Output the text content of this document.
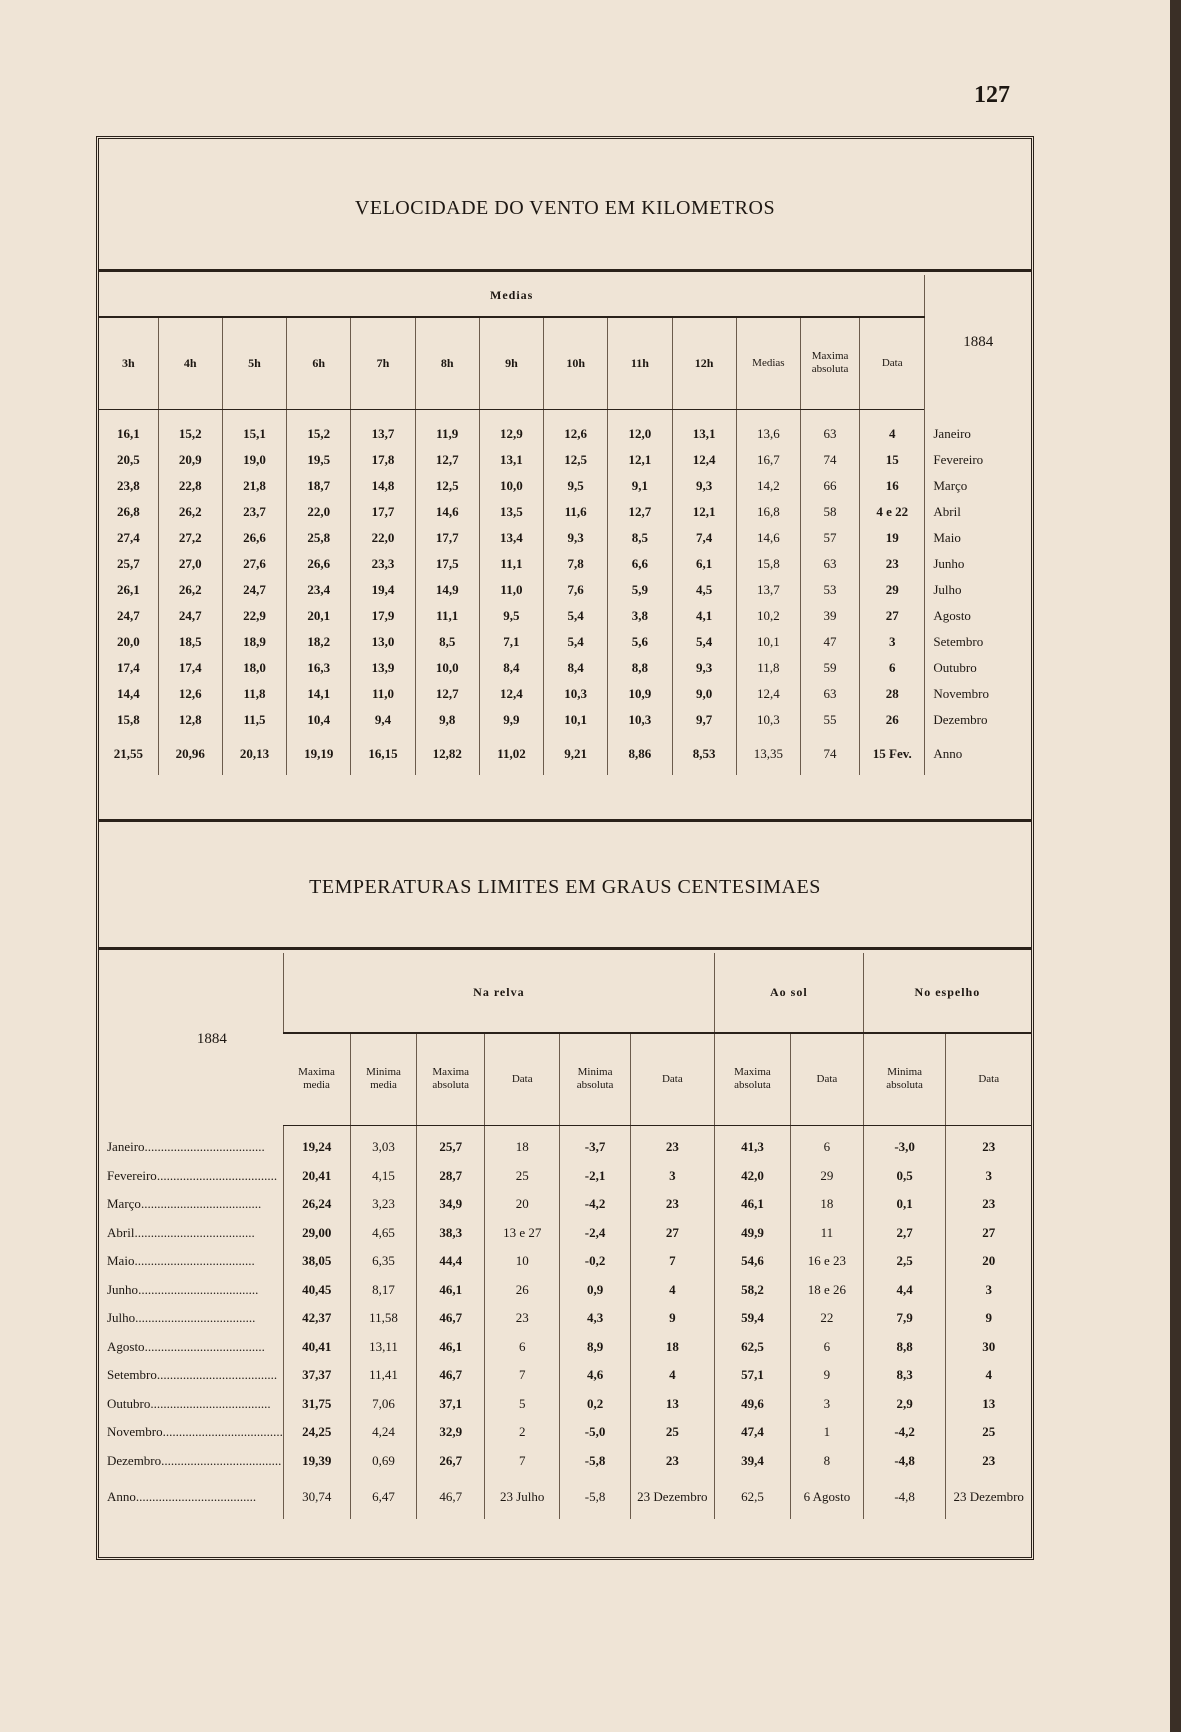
127
VELOCIDADE DO VENTO EM KILOMETROS
Medias													1884
3h	4h	5h	6h	7h	8h	9h	10h	11h	12h	Medias	Maxima absoluta	Data	

16,1	15,2	15,1	15,2	13,7	11,9	12,9	12,6	12,0	13,1	13,6	63	4	Janeiro
20,5	20,9	19,0	19,5	17,8	12,7	13,1	12,5	12,1	12,4	16,7	74	15	Fevereiro
23,8	22,8	21,8	18,7	14,8	12,5	10,0	9,5	9,1	9,3	14,2	66	16	Março
26,8	26,2	23,7	22,0	17,7	14,6	13,5	11,6	12,7	12,1	16,8	58	4 e 22	Abril
27,4	27,2	26,6	25,8	22,0	17,7	13,4	9,3	8,5	7,4	14,6	57	19	Maio
25,7	27,0	27,6	26,6	23,3	17,5	11,1	7,8	6,6	6,1	15,8	63	23	Junho
26,1	26,2	24,7	23,4	19,4	14,9	11,0	7,6	5,9	4,5	13,7	53	29	Julho
24,7	24,7	22,9	20,1	17,9	11,1	9,5	5,4	3,8	4,1	10,2	39	27	Agosto
20,0	18,5	18,9	18,2	13,0	8,5	7,1	5,4	5,6	5,4	10,1	47	3	Setembro
17,4	17,4	18,0	16,3	13,9	10,0	8,4	8,4	8,8	9,3	11,8	59	6	Outubro
14,4	12,6	11,8	14,1	11,0	12,7	12,4	10,3	10,9	9,0	12,4	63	28	Novembro
15,8	12,8	11,5	10,4	9,4	9,8	9,9	10,1	10,3	9,7	10,3	55	26	Dezembro
21,55	20,96	20,13	19,19	16,15	12,82	11,02	9,21	8,86	8,53	13,35	74	15 Fev.	Anno
TEMPERATURAS LIMITES EM GRAUS CENTESIMAES
1884	Na relva						Ao sol		No espelho	
	Maxima media	Minima media	Maxima absoluta	Data	Minima absoluta	Data	Maxima absoluta	Data	Minima absoluta	Data

Janeiro .....	19,24	3,03	25,7	18	-3,7	23	41,3	6	-3,0	23
Fevereiro .....	20,41	4,15	28,7	25	-2,1	3	42,0	29	0,5	3
Março .....	26,24	3,23	34,9	20	-4,2	23	46,1	18	0,1	23
Abril .....	29,00	4,65	38,3	13 e 27	-2,4	27	49,9	11	2,7	27
Maio .....	38,05	6,35	44,4	10	-0,2	7	54,6	16 e 23	2,5	20
Junho .....	40,45	8,17	46,1	26	0,9	4	58,2	18 e 26	4,4	3
Julho .....	42,37	11,58	46,7	23	4,3	9	59,4	22	7,9	9
Agosto .....	40,41	13,11	46,1	6	8,9	18	62,5	6	8,8	30
Setembro .....	37,37	11,41	46,7	7	4,6	4	57,1	9	8,3	4
Outubro .....	31,75	7,06	37,1	5	0,2	13	49,6	3	2,9	13
Novembro .....	24,25	4,24	32,9	2	-5,0	25	47,4	1	-4,2	25
Dezembro .....	19,39	0,69	26,7	7	-5,8	23	39,4	8	-4,8	23
Anno .....	30,74	6,47	46,7	23 Julho	-5,8	23 Dezembro	62,5	6 Agosto	-4,8	23 Dezembro
